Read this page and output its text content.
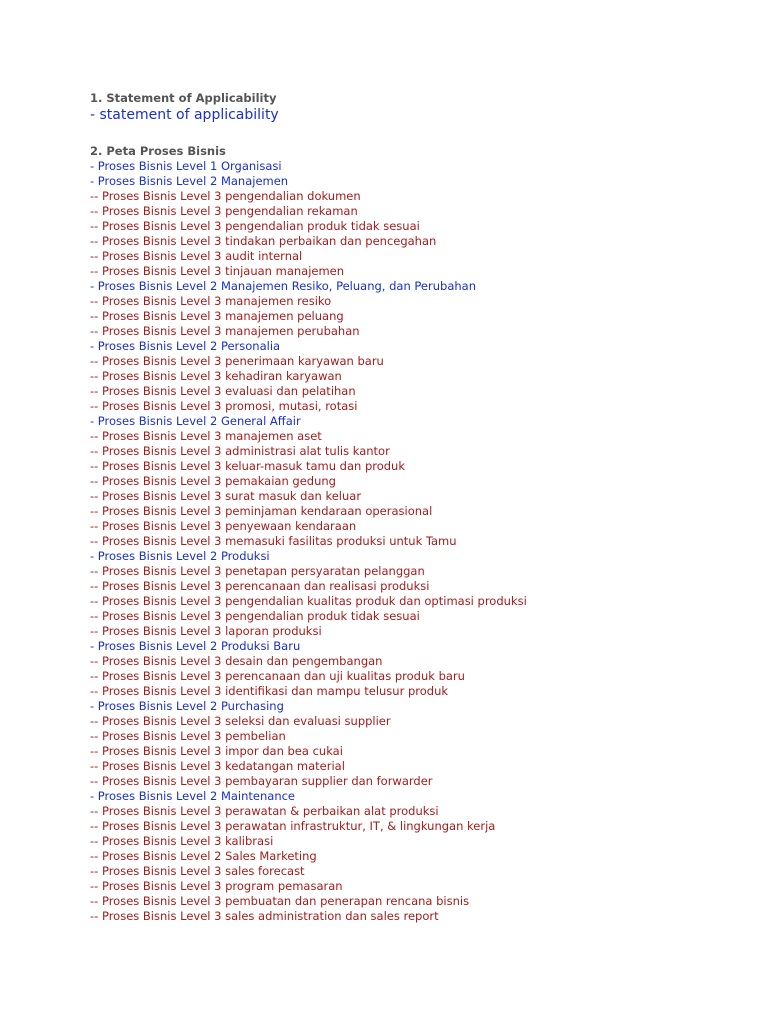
1. Statement of Applicability
- statement of applicability
2. Peta Proses Bisnis
- Proses Bisnis Level 1 Organisasi
- Proses Bisnis Level 2 Manajemen
-- Proses Bisnis Level 3 pengendalian dokumen
-- Proses Bisnis Level 3 pengendalian rekaman
-- Proses Bisnis Level 3 pengendalian produk tidak sesuai
-- Proses Bisnis Level 3 tindakan perbaikan dan pencegahan
-- Proses Bisnis Level 3 audit internal
-- Proses Bisnis Level 3 tinjauan manajemen
- Proses Bisnis Level 2 Manajemen Resiko, Peluang, dan Perubahan
-- Proses Bisnis Level 3 manajemen resiko
-- Proses Bisnis Level 3 manajemen peluang
-- Proses Bisnis Level 3 manajemen perubahan
- Proses Bisnis Level 2 Personalia
-- Proses Bisnis Level 3 penerimaan karyawan baru
-- Proses Bisnis Level 3 kehadiran karyawan
-- Proses Bisnis Level 3 evaluasi dan pelatihan
-- Proses Bisnis Level 3 promosi, mutasi, rotasi
- Proses Bisnis Level 2 General Affair
-- Proses Bisnis Level 3 manajemen aset
-- Proses Bisnis Level 3 administrasi alat tulis kantor
-- Proses Bisnis Level 3 keluar-masuk tamu dan produk
-- Proses Bisnis Level 3 pemakaian gedung
-- Proses Bisnis Level 3 surat masuk dan keluar
-- Proses Bisnis Level 3 peminjaman kendaraan operasional
-- Proses Bisnis Level 3 penyewaan kendaraan
-- Proses Bisnis Level 3 memasuki fasilitas produksi untuk Tamu
- Proses Bisnis Level 2 Produksi
-- Proses Bisnis Level 3 penetapan persyaratan pelanggan
-- Proses Bisnis Level 3 perencanaan dan realisasi produksi
-- Proses Bisnis Level 3 pengendalian kualitas produk dan optimasi produksi
-- Proses Bisnis Level 3 pengendalian produk tidak sesuai
-- Proses Bisnis Level 3 laporan produksi
- Proses Bisnis Level 2 Produksi Baru
-- Proses Bisnis Level 3 desain dan pengembangan
-- Proses Bisnis Level 3 perencanaan dan uji kualitas produk baru
-- Proses Bisnis Level 3 identifikasi dan mampu telusur produk
- Proses Bisnis Level 2 Purchasing
-- Proses Bisnis Level 3 seleksi dan evaluasi supplier
-- Proses Bisnis Level 3 pembelian
-- Proses Bisnis Level 3 impor dan bea cukai
-- Proses Bisnis Level 3 kedatangan material
-- Proses Bisnis Level 3 pembayaran supplier dan forwarder
- Proses Bisnis Level 2 Maintenance
-- Proses Bisnis Level 3 perawatan & perbaikan alat produksi
-- Proses Bisnis Level 3 perawatan infrastruktur, IT, & lingkungan kerja
-- Proses Bisnis Level 3 kalibrasi
-- Proses Bisnis Level 2 Sales Marketing
-- Proses Bisnis Level 3 sales forecast
-- Proses Bisnis Level 3 program pemasaran
-- Proses Bisnis Level 3 pembuatan dan penerapan rencana bisnis
-- Proses Bisnis Level 3 sales administration dan sales report
